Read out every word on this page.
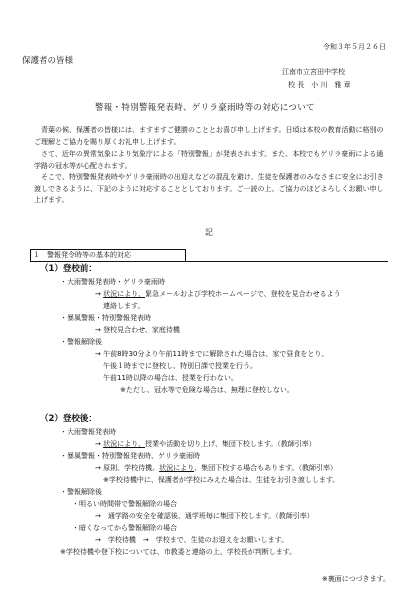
令和３年５月２６日
保護者の皆様
江南市立宮田中学校
校 長　小 川　雅 章
警報・特別警報発表時、ゲリラ豪雨時等の対応について
青葉の候、保護者の皆様には、ますますご健勝のこととお喜び申し上げます。日頃は本校の教育活動に格別のご理解とご協力を賜り厚くお礼申し上げます。
さて、近年の異常気象により気象庁による「特別警報」が発表されます。また、本校でもゲリラ豪雨による通学路の冠水等が心配されます。
そこで、特別警報発表時やゲリラ豪雨時の出迎えなどの混乱を避け、生徒を保護者のみなさまに安全にお引き渡しできるように、下記のように対応することとしております。ご一読の上、ご協力のほどよろしくお願い申し上げます。
記
１　警報発令時等の基本的対応
（1）登校前：
・大雨警報発表時・ゲリラ豪雨時
→ 状況により、緊急メールおよび学校ホームページで、登校を見合わせるよう
連絡します。
・暴風警報・特別警報発表時
→ 登校見合わせ、家庭待機
・警報解除後
→ 午前8時30分より午前11時までに解除された場合は、家で昼食をとり、
午後１時までに登校し、特別日課で授業を行う。
午前11時以降の場合は、授業を行わない。
※ただし、冠水等で危険な場合は、無理に登校しない。
（2）登校後：
・大雨警報発表時
→ 状況により、授業や活動を切り上げ、集団下校します。（教師引率）
・暴風警報・特別警報発表時、ゲリラ豪雨時
→ 原則、学校待機。状況により、集団下校する場合もあります。（教師引率）
※学校待機中に、保護者が学校にみえた場合は、生徒をお引き渡しします。
・警報解除後
・明るい時間帯で警報解除の場合
→　通学路の安全を確認後、通学班毎に集団下校します。（教師引率）
・暗くなってから警報解除の場合
→　学校待機　→　学校まで、生徒のお迎えをお願いします。
※学校待機や登下校については、市教委と連絡の上、学校長が判断します。
※裏面につづきます。
